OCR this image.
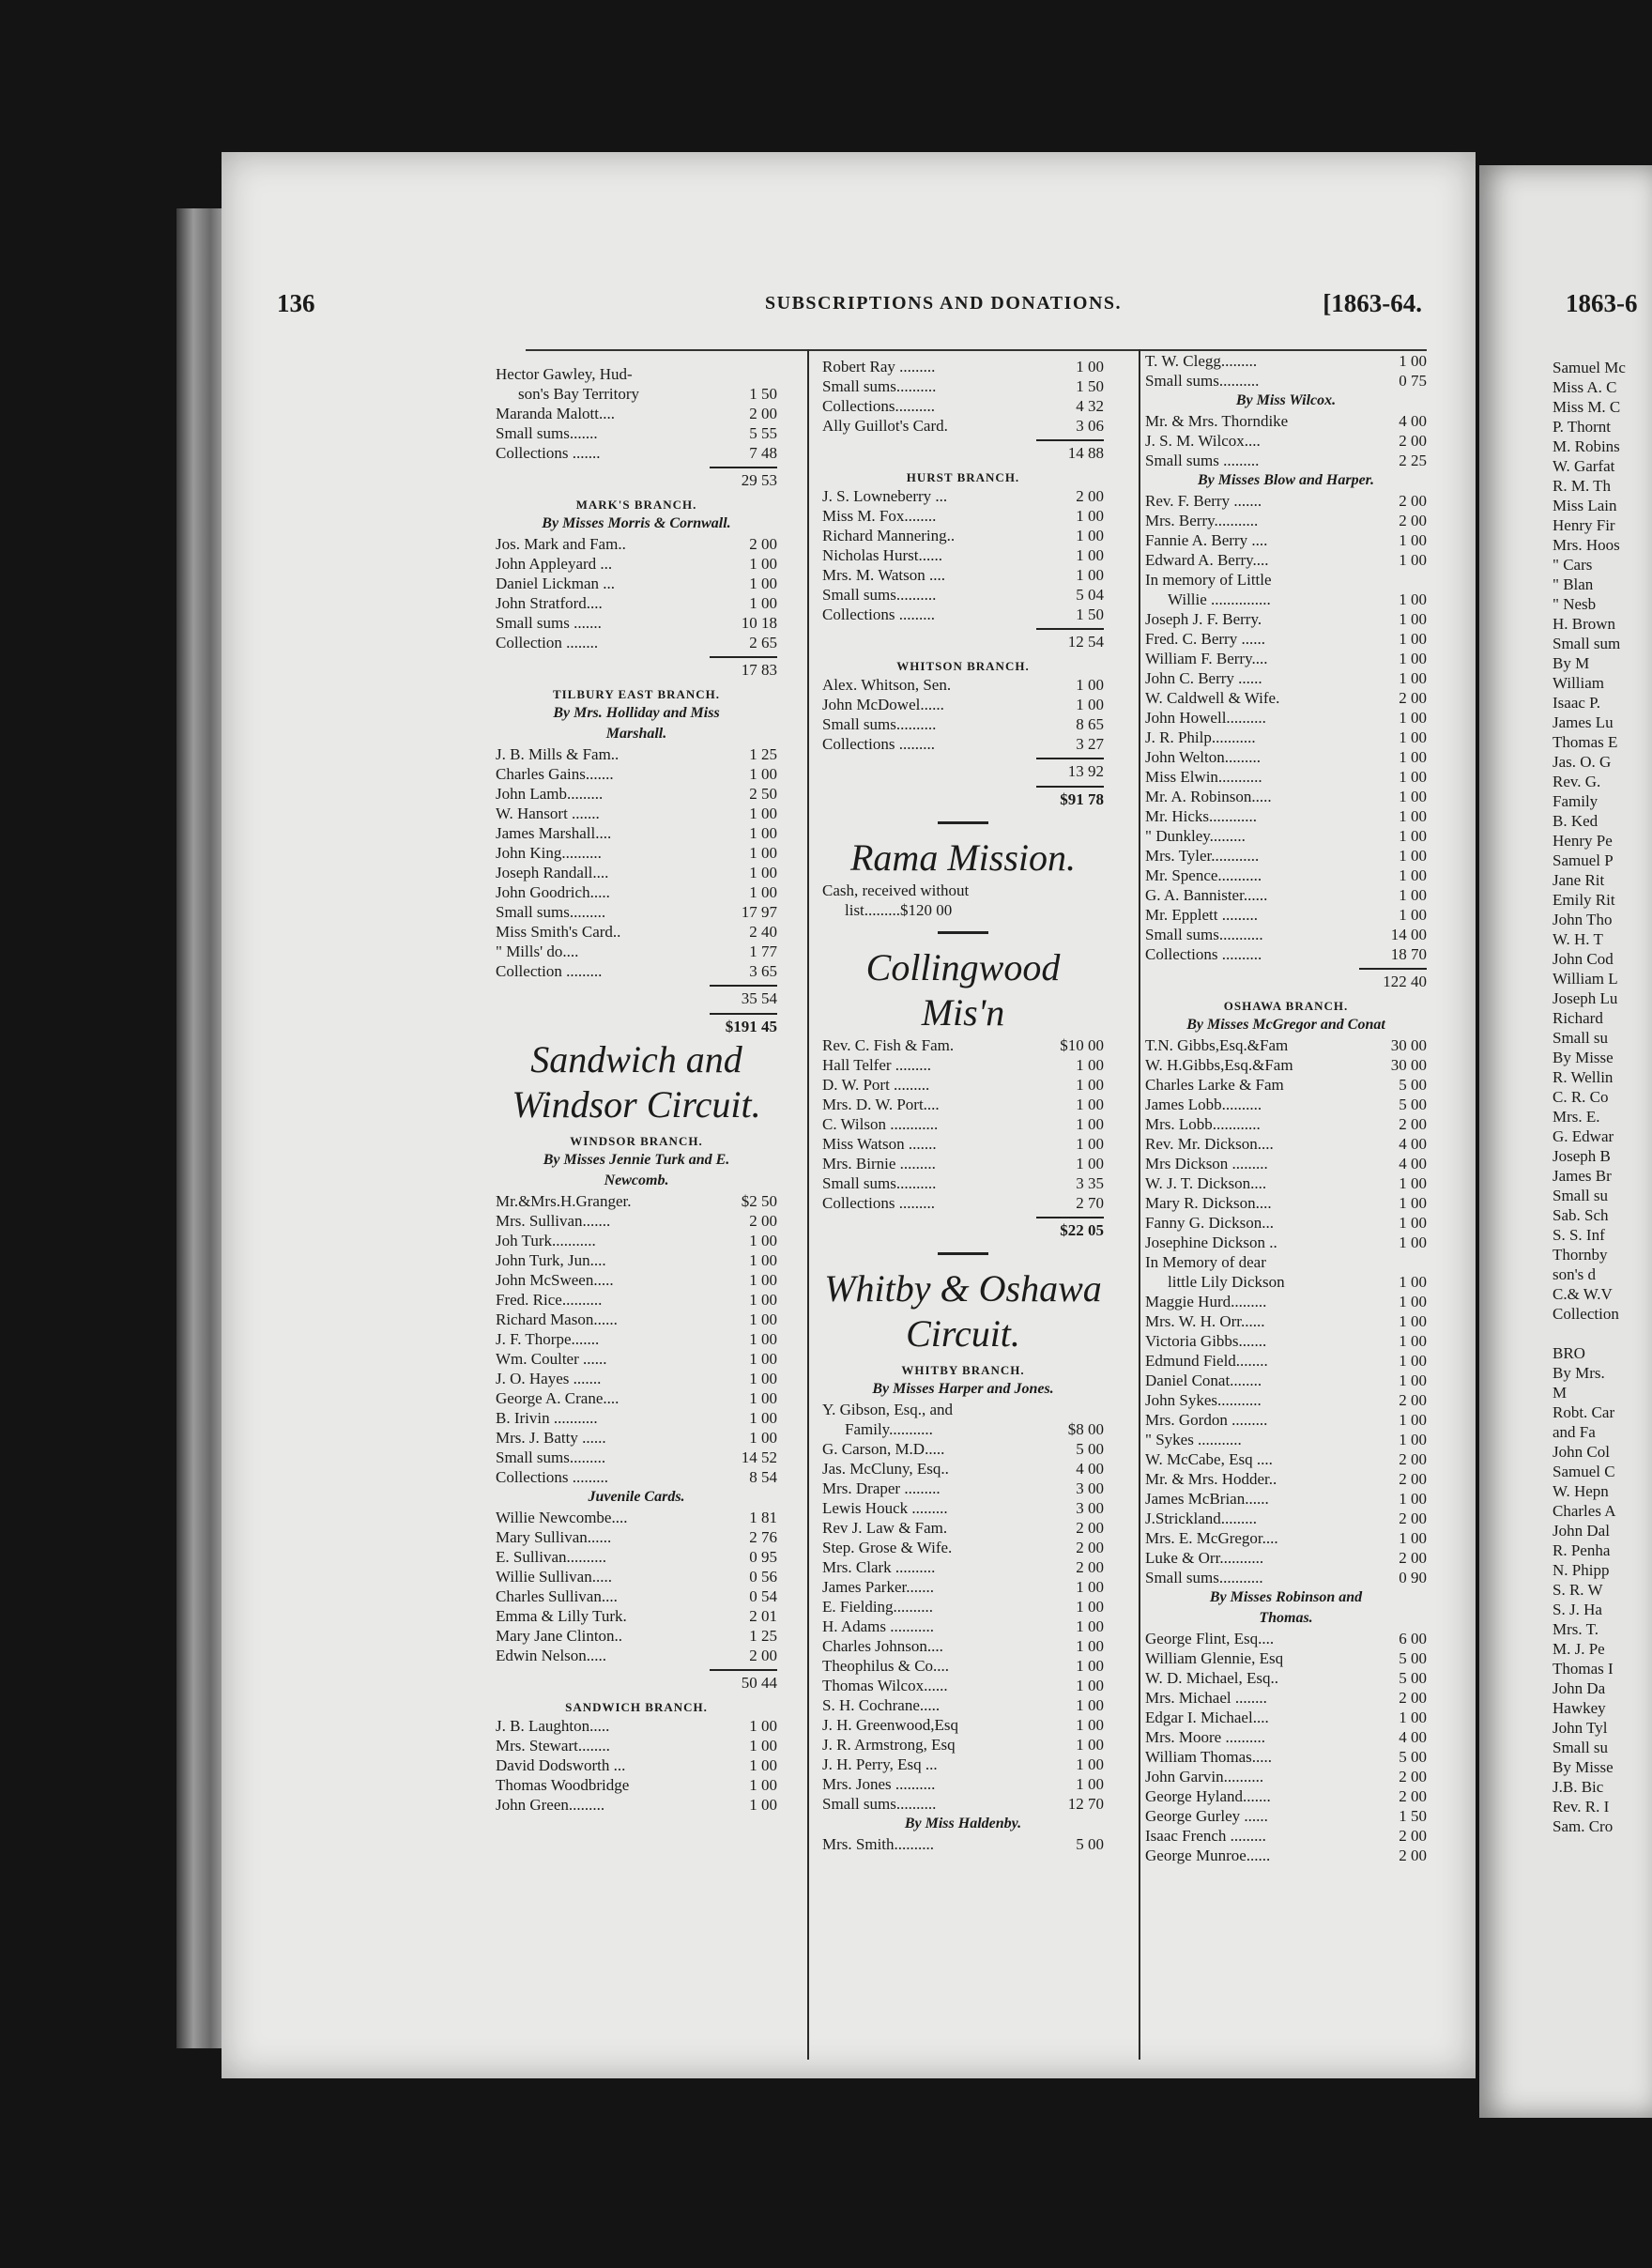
1863-6
Samuel Mc
Miss A. C
Miss M. C
P. Thornt
M. Robins
W. Garfat
R. M. Th
Miss Lain
Henry Fir
Mrs. Hoos
" Cars
" Blan
" Nesb
H. Brown
Small sum
By M
William
Isaac P.
James Lu
Thomas E
Jas. O. G
Rev. G.
Family
B. Ked
Henry Pe
Samuel P
Jane Rit
Emily Rit
John Tho
W. H. T
John Cod
William L
Joseph Lu
Richard
Small su
By Misse
R. Wellin
C. R. Co
Mrs. E.
G. Edwar
Joseph B
James Br
Small su
Sab. Sch
S. S. Inf
Thornby
son's d
C.& W.V
Collection
BRO
By Mrs.
M
Robt. Car
and Fa
John Col
Samuel C
W. Hepn
Charles A
John Dal
R. Penha
N. Phipp
S. R. W
S. J. Ha
Mrs. T.
M. J. Pe
Thomas I
John Da
Hawkey
John Tyl
Small su
By Misse
J.B. Bic
Rev. R. I
Sam. Cro
136	SUBSCRIPTIONS AND DONATIONS.	[1863-64.
Hector Gawley, Hud-
son's Bay Territory	1 50
Maranda Malott....	2 00
Small sums.......	5 55
Collections .......	7 48
29 53
MARK'S BRANCH.
By Misses Morris & Cornwall.
Jos. Mark and Fam..	2 00
John Appleyard ...	1 00
Daniel Lickman ...	1 00
John Stratford....	1 00
Small sums .......	10 18
Collection ........	2 65
17 83
TILBURY EAST BRANCH.
By Mrs. Holliday and Miss
Marshall.
J. B. Mills & Fam..	1 25
Charles Gains.......	1 00
John Lamb.........	2 50
W. Hansort .......	1 00
James Marshall....	1 00
John King..........	1 00
Joseph Randall....	1 00
John Goodrich.....	1 00
Small sums.........	17 97
Miss Smith's Card..	2 40
" Mills' do....	1 77
Collection .........	3 65
35 54
$191 45
Sandwich and
Windsor Circuit.
WINDSOR BRANCH.
By Misses Jennie Turk and E.
Newcomb.
Mr.&Mrs.H.Granger.	$2 50
Mrs. Sullivan.......	2 00
Joh Turk...........	1 00
John Turk, Jun....	1 00
John McSween.....	1 00
Fred. Rice..........	1 00
Richard Mason......	1 00
J. F. Thorpe.......	1 00
Wm. Coulter ......	1 00
J. O. Hayes .......	1 00
George A. Crane....	1 00
B. Irivin ...........	1 00
Mrs. J. Batty ......	1 00
Small sums.........	14 52
Collections .........	8 54
Juvenile Cards.
Willie Newcombe....	1 81
Mary Sullivan......	2 76
E. Sullivan..........	0 95
Willie Sullivan.....	0 56
Charles Sullivan....	0 54
Emma & Lilly Turk.	2 01
Mary Jane Clinton..	1 25
Edwin Nelson.....	2 00
50 44
SANDWICH BRANCH.
J. B. Laughton.....	1 00
Mrs. Stewart........	1 00
David Dodsworth ...	1 00
Thomas Woodbridge	1 00
John Green.........	1 00
Robert Ray .........	1 00
Small sums..........	1 50
Collections..........	4 32
Ally Guillot's Card.	3 06
14 88
HURST BRANCH.
J. S. Lowneberry ...	2 00
Miss M. Fox........	1 00
Richard Mannering..	1 00
Nicholas Hurst......	1 00
Mrs. M. Watson ....	1 00
Small sums..........	5 04
Collections .........	1 50
12 54
WHITSON BRANCH.
Alex. Whitson, Sen.	1 00
John McDowel......	1 00
Small sums..........	8 65
Collections .........	3 27
13 92
$91 78
Rama Mission.
Cash, received without
list.........$120 00
Collingwood Mis'n
Rev. C. Fish & Fam.	$10 00
Hall Telfer .........	1 00
D. W. Port .........	1 00
Mrs. D. W. Port....	1 00
C. Wilson ............	1 00
Miss Watson .......	1 00
Mrs. Birnie .........	1 00
Small sums..........	3 35
Collections .........	2 70
$22 05
Whitby & Oshawa
Circuit.
WHITBY BRANCH.
By Misses Harper and Jones.
Y. Gibson, Esq., and
Family...........	$8 00
G. Carson, M.D.....	5 00
Jas. McCluny, Esq..	4 00
Mrs. Draper .........	3 00
Lewis Houck .........	3 00
Rev J. Law & Fam.	2 00
Step. Grose & Wife.	2 00
Mrs. Clark ..........	2 00
James Parker.......	1 00
E. Fielding..........	1 00
H. Adams ...........	1 00
Charles Johnson....	1 00
Theophilus & Co....	1 00
Thomas Wilcox......	1 00
S. H. Cochrane.....	1 00
J. H. Greenwood,Esq	1 00
J. R. Armstrong, Esq	1 00
J. H. Perry, Esq ...	1 00
Mrs. Jones ..........	1 00
Small sums..........	12 70
By Miss Haldenby.
Mrs. Smith..........	5 00
T. W. Clegg.........	1 00
Small sums..........	0 75
By Miss Wilcox.
Mr. & Mrs. Thorndike	4 00
J. S. M. Wilcox....	2 00
Small sums .........	2 25
By Misses Blow and Harper.
Rev. F. Berry .......	2 00
Mrs. Berry...........	2 00
Fannie A. Berry ....	1 00
Edward A. Berry....	1 00
In memory of Little
Willie ...............	1 00
Joseph J. F. Berry.	1 00
Fred. C. Berry ......	1 00
William F. Berry....	1 00
John C. Berry ......	1 00
W. Caldwell & Wife.	2 00
John Howell..........	1 00
J. R. Philp...........	1 00
John Welton.........	1 00
Miss Elwin...........	1 00
Mr. A. Robinson.....	1 00
Mr. Hicks............	1 00
" Dunkley.........	1 00
Mrs. Tyler............	1 00
Mr. Spence...........	1 00
G. A. Bannister......	1 00
Mr. Epplett .........	1 00
Small sums...........	14 00
Collections ..........	18 70
122 40
OSHAWA BRANCH.
By Misses McGregor and Conat
T.N. Gibbs,Esq.&Fam	30 00
W. H.Gibbs,Esq.&Fam	30 00
Charles Larke & Fam	5 00
James Lobb..........	5 00
Mrs. Lobb............	2 00
Rev. Mr. Dickson....	4 00
Mrs Dickson .........	4 00
W. J. T. Dickson....	1 00
Mary R. Dickson....	1 00
Fanny G. Dickson...	1 00
Josephine Dickson ..	1 00
In Memory of dear
little Lily Dickson	1 00
Maggie Hurd.........	1 00
Mrs. W. H. Orr......	1 00
Victoria Gibbs.......	1 00
Edmund Field........	1 00
Daniel Conat........	1 00
John Sykes...........	2 00
Mrs. Gordon .........	1 00
" Sykes ...........	1 00
W. McCabe, Esq ....	2 00
Mr. & Mrs. Hodder..	2 00
James McBrian......	1 00
J.Strickland.........	2 00
Mrs. E. McGregor....	1 00
Luke & Orr...........	2 00
Small sums...........	0 90
By Misses Robinson and
Thomas.
George Flint, Esq....	6 00
William Glennie, Esq	5 00
W. D. Michael, Esq..	5 00
Mrs. Michael ........	2 00
Edgar I. Michael....	1 00
Mrs. Moore ..........	4 00
William Thomas.....	5 00
John Garvin..........	2 00
George Hyland.......	2 00
George Gurley ......	1 50
Isaac French .........	2 00
George Munroe......	2 00
